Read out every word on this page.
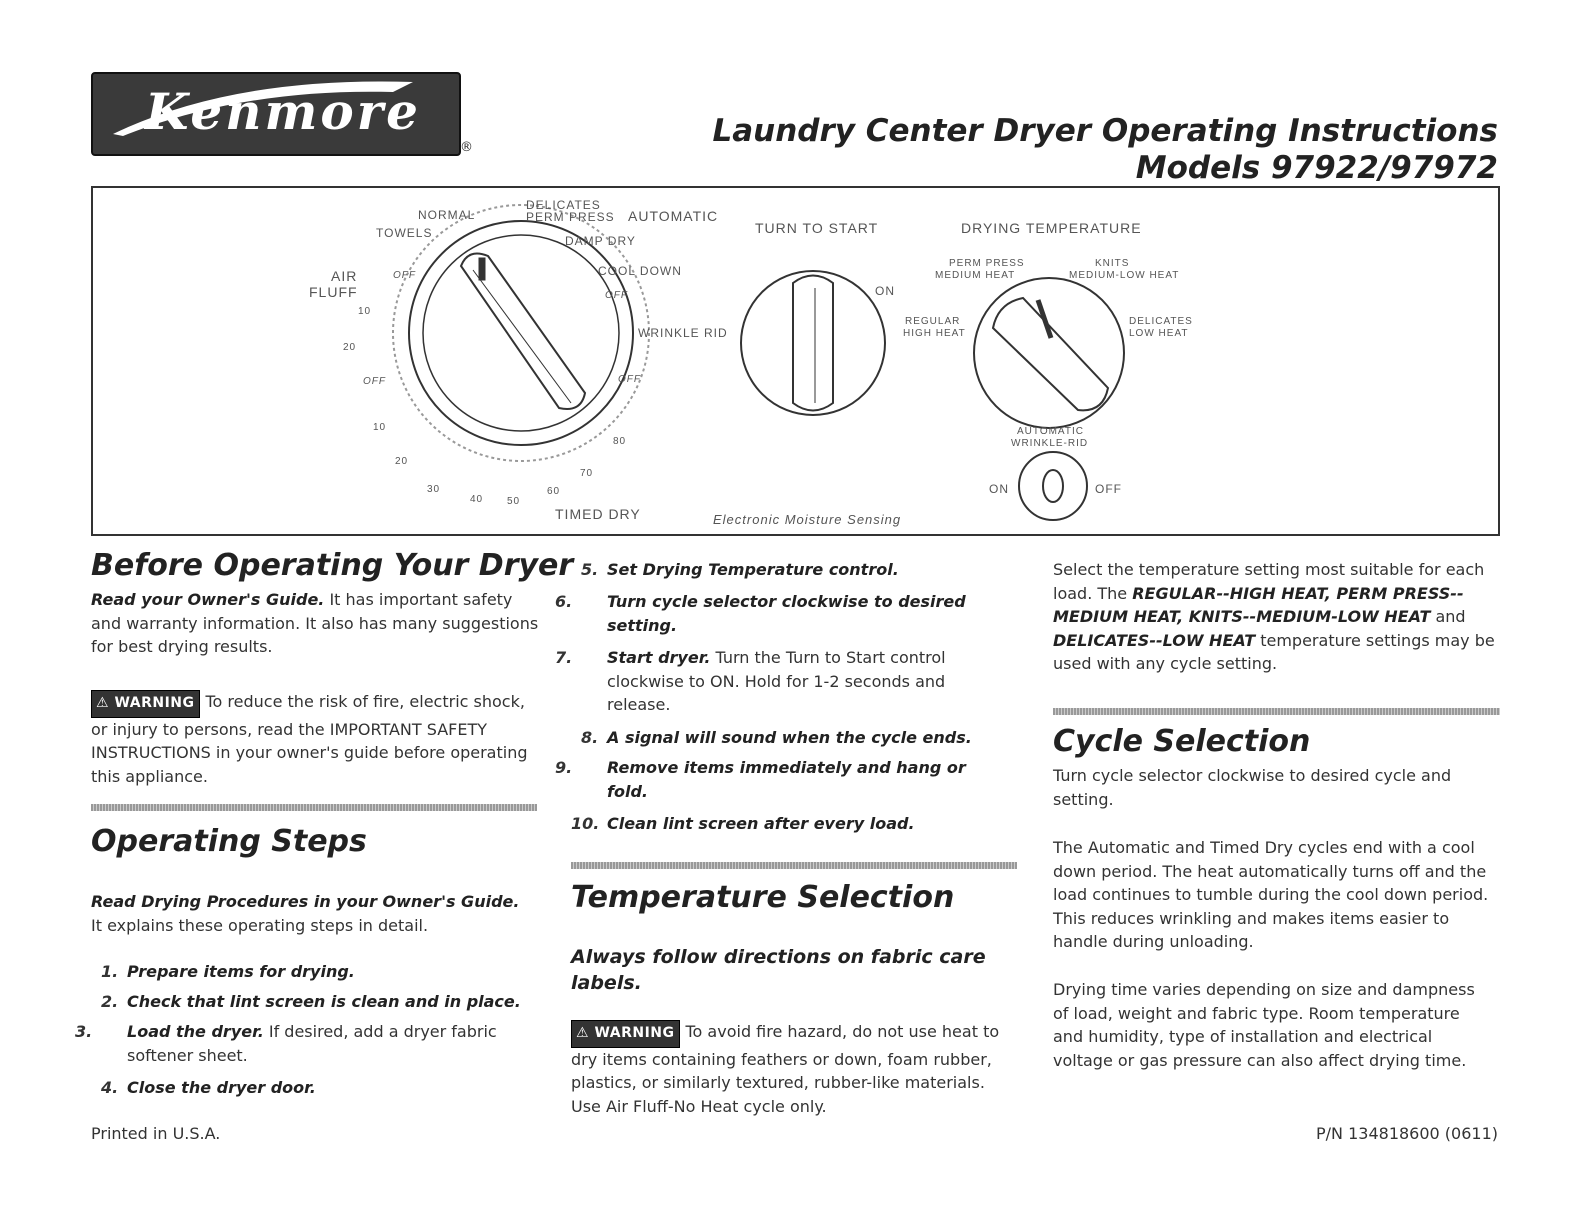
Kenmore
®	Laundry Center Dryer Operating Instructions
Models 97922/97972
DELICATES
PERM PRESS AUTOMATIC
NORMAL
TOWELS
DAMP DRY
COOL DOWN
OFF
WRINKLE RID
OFF
AIR
FLUFF
OFF
10
20
OFF
10
20
30
40 50
60
70
80
TIMED DRY
TURN TO START
ON
Electronic Moisture Sensing
DRYING TEMPERATURE
PERM PRESS
MEDIUM HEAT
KNITS
MEDIUM-LOW HEAT
REGULAR
HIGH HEAT
DELICATES
LOW HEAT
AUTOMATIC
WRINKLE-RID
ON	OFF
Before Operating Your Dryer
Read your Owner's Guide. It has important safety and warranty information. It also has many suggestions for best drying results.
⚠ WARNING To reduce the risk of fire, electric shock, or injury to persons, read the IMPORTANT SAFETY INSTRUCTIONS in your owner's guide before operating this appliance.
Operating Steps
Read Drying Procedures in your Owner's Guide.
It explains these operating steps in detail.
1. Prepare items for drying.
2. Check that lint screen is clean and in place.
3. Load the dryer. If desired, add a dryer fabric softener sheet.
4. Close the dryer door.
5. Set Drying Temperature control.
6. Turn cycle selector clockwise to desired setting.
7. Start dryer. Turn the Turn to Start control clockwise to ON. Hold for 1-2 seconds and release.
8. A signal will sound when the cycle ends.
9. Remove items immediately and hang or fold.
10. Clean lint screen after every load.
Temperature Selection
Always follow directions on fabric care labels.
⚠ WARNING To avoid fire hazard, do not use heat to dry items containing feathers or down, foam rubber, plastics, or similarly textured, rubber-like materials. Use Air Fluff-No Heat cycle only.
Select the temperature setting most suitable for each load. The REGULAR--HIGH HEAT, PERM PRESS--MEDIUM HEAT, KNITS--MEDIUM-LOW HEAT and DELICATES--LOW HEAT temperature settings may be used with any cycle setting.
Cycle Selection
Turn cycle selector clockwise to desired cycle and setting.
The Automatic and Timed Dry cycles end with a cool down period. The heat automatically turns off and the load continues to tumble during the cool down period. This reduces wrinkling and makes items easier to handle during unloading.
Drying time varies depending on size and dampness of load, weight and fabric type. Room temperature and humidity, type of installation and electrical voltage or gas pressure can also affect drying time.
Printed in U.S.A.	P/N 134818600 (0611)
